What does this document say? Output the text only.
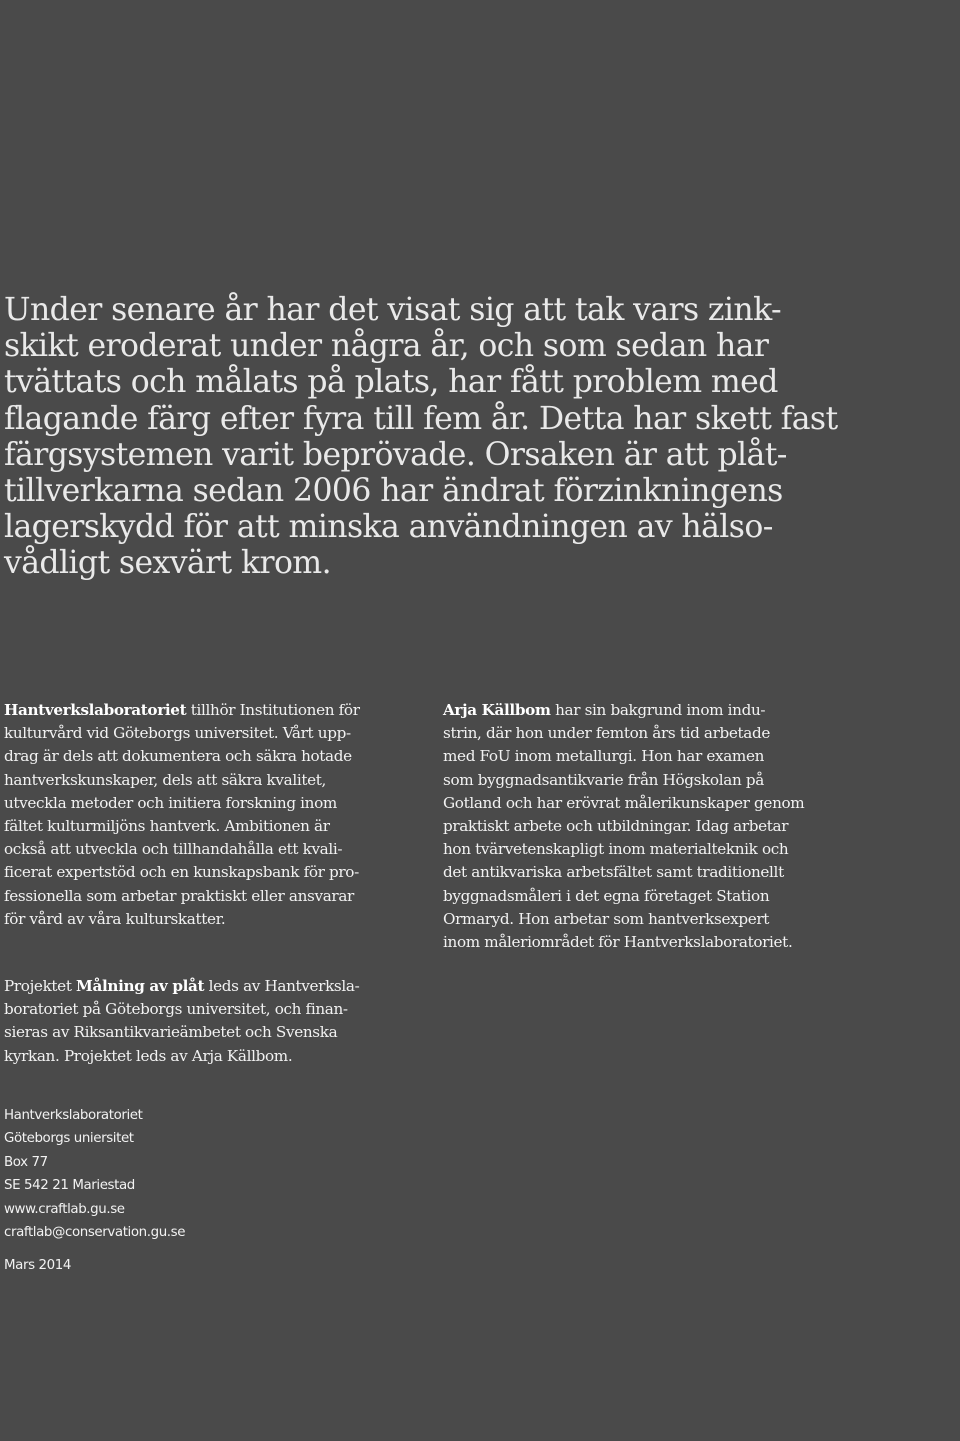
Under senare år har det visat sig att tak vars zink-
skikt eroderat under några år, och som sedan har
tvättats och målats på plats, har fått problem med
flagande färg efter fyra till fem år. Detta har skett fast
färgsystemen varit beprövade. Orsaken är att plåt-
tillverkarna sedan 2006 har ändrat förzinkningens
lagerskydd för att minska användningen av hälso-
vådligt sexvärt krom.
Hantverkslaboratoriet tillhör Institutionen för
kulturvård vid Göteborgs universitet. Vårt upp-
drag är dels att dokumentera och säkra hotade
hantverkskunskaper, dels att säkra kvalitet,
utveckla metoder och initiera forskning inom
fältet kulturmiljöns hantverk. Ambitionen är
också att utveckla och tillhandahålla ett kvali-
ficerat expertstöd och en kunskapsbank för pro-
fessionella som arbetar praktiskt eller ansvarar
för vård av våra kulturskatter.
Arja Källbom har sin bakgrund inom indu-
strin, där hon under femton års tid arbetade
med FoU inom metallurgi. Hon har examen
som byggnadsantikvarie från Högskolan på
Gotland och har erövrat målerikunskaper genom
praktiskt arbete och utbildningar. Idag arbetar
hon tvärvetenskapligt inom materialteknik och
det antikvariska arbetsfältet samt traditionellt
byggnadsmåleri i det egna företaget Station
Ormaryd. Hon arbetar som hantverksexpert
inom måleriområdet för Hantverkslaboratoriet.
Projektet Målning av plåt leds av Hantverksla-
boratoriet på Göteborgs universitet, och finan-
sieras av Riksantikvarieämbetet och Svenska
kyrkan. Projektet leds av Arja Källbom.
Hantverkslaboratoriet
Göteborgs uniersitet
Box 77
SE 542 21 Mariestad
www.craftlab.gu.se
craftlab@conservation.gu.se
Mars 2014
